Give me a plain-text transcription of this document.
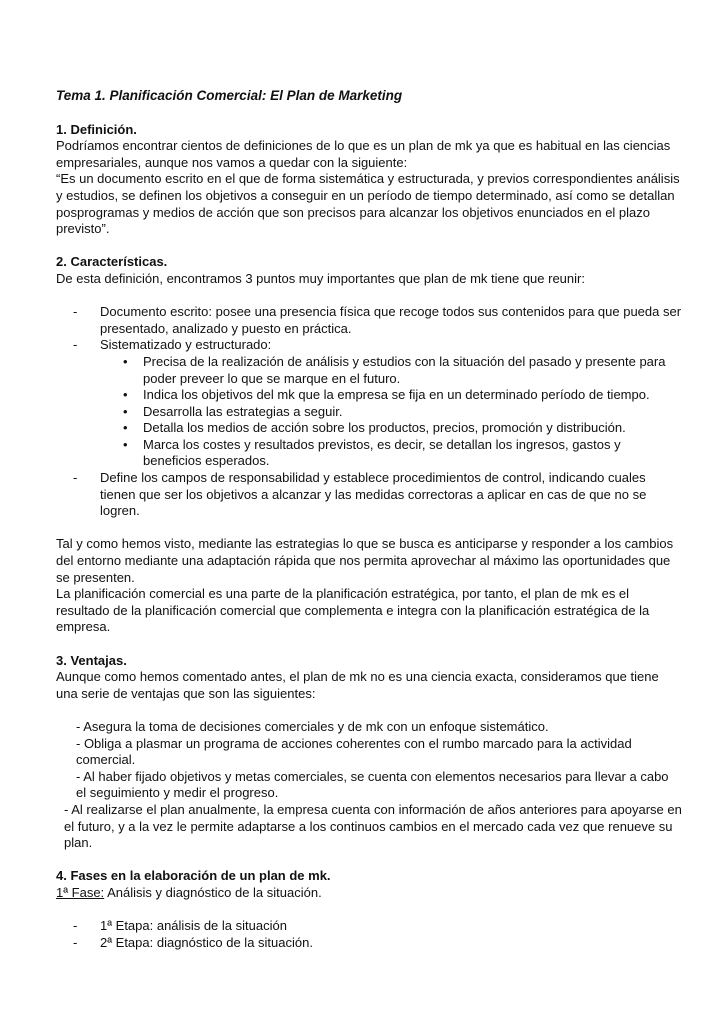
Tema 1. Planificación Comercial: El Plan de Marketing

1. Definición.

Podríamos encontrar cientos de definiciones de lo que es un plan de mk ya que es habitual en las ciencias empresariales, aunque nos vamos a quedar con la siguiente:

“Es un documento escrito en el que de forma sistemática y estructurada, y previos correspondientes análisis y estudios, se definen los objetivos a conseguir en un período de tiempo determinado, así como se detallan posprogramas y medios de acción que son precisos para alcanzar los objetivos enunciados en el plazo previsto”.

2. Características.

De esta definición, encontramos 3 puntos muy importantes que plan de mk tiene que reunir:

- Documento escrito: posee una presencia física que recoge todos sus contenidos para que pueda ser presentado, analizado y puesto en práctica.
- Sistematizado y estructurado:
• Precisa de la realización de análisis y estudios con la situación del pasado y presente para poder preveer lo que se marque en el futuro.
• Indica los objetivos del mk que la empresa se fija en un determinado período de tiempo.
• Desarrolla las estrategias a seguir.
• Detalla los medios de acción sobre los productos, precios, promoción y distribución.
• Marca los costes y resultados previstos, es decir, se detallan los ingresos, gastos y beneficios esperados.
- Define los campos de responsabilidad y establece procedimientos de control, indicando cuales tienen que ser los objetivos a alcanzar y las medidas correctoras a aplicar en cas de que no se logren.

Tal y como hemos visto, mediante las estrategias lo que se busca es anticiparse y responder a los cambios del entorno mediante una adaptación rápida que nos permita aprovechar al máximo las oportunidades que se presenten.

La planificación comercial es una parte de la planificación estratégica, por tanto, el plan de mk es el resultado de la planificación comercial que complementa e integra con la planificación estratégica de la empresa.

3. Ventajas.

Aunque como hemos comentado antes, el plan de mk no es una ciencia exacta, consideramos que tiene una serie de ventajas que son las siguientes:

- Asegura la toma de decisiones comerciales y de mk con un enfoque sistemático.

- Obliga a plasmar un programa de acciones coherentes con el rumbo marcado para la actividad comercial.

- Al haber fijado objetivos y metas comerciales, se cuenta con elementos necesarios para llevar a cabo el seguimiento y medir el progreso.

- Al realizarse el plan anualmente, la empresa cuenta con información de años anteriores para apoyarse en el futuro, y a la vez le permite adaptarse a los continuos cambios en el mercado cada vez que renueve su plan.

4. Fases en la elaboración de un plan de mk.

1ª Fase: Análisis y diagnóstico de la situación.

- 1ª Etapa: análisis de la situación
- 2ª Etapa: diagnóstico de la situación.
